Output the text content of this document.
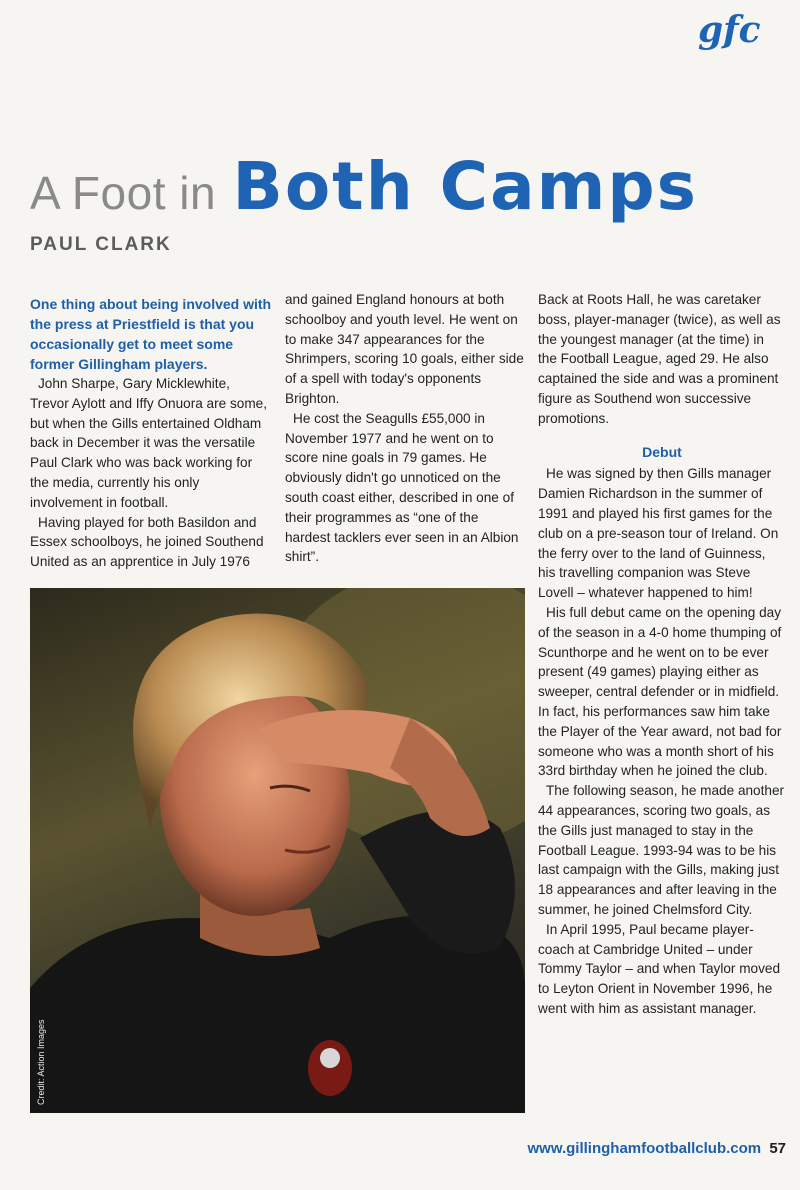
gfc
A Foot in Both Camps
PAUL CLARK

One thing about being involved with the press at Priestfield is that you occasionally get to meet some former Gillingham players.

John Sharpe, Gary Micklewhite, Trevor Aylott and Iffy Onuora are some, but when the Gills entertained Oldham back in December it was the versatile Paul Clark who was back working for the media, currently his only involvement in football.

Having played for both Basildon and Essex schoolboys, he joined Southend United as an apprentice in July 1976

and gained England honours at both schoolboy and youth level. He went on to make 347 appearances for the Shrimpers, scoring 10 goals, either side of a spell with today's opponents Brighton.

He cost the Seagulls £55,000 in November 1977 and he went on to score nine goals in 79 games. He obviously didn't go unnoticed on the south coast either, described in one of their programmes as “one of the hardest tacklers ever seen in an Albion shirt”.

Back at Roots Hall, he was caretaker boss, player-manager (twice), as well as the youngest manager (at the time) in the Football League, aged 29. He also captained the side and was a prominent figure as Southend won successive promotions.

Debut

He was signed by then Gills manager Damien Richardson in the summer of 1991 and played his first games for the club on a pre-season tour of Ireland. On the ferry over to the land of Guinness, his travelling companion was Steve Lovell – whatever happened to him!

His full debut came on the opening day of the season in a 4-0 home thumping of Scunthorpe and he went on to be ever present (49 games) playing either as sweeper, central defender or in midfield. In fact, his performances saw him take the Player of the Year award, not bad for someone who was a month short of his 33rd birthday when he joined the club.

The following season, he made another 44 appearances, scoring two goals, as the Gills just managed to stay in the Football League. 1993-94 was to be his last campaign with the Gills, making just 18 appearances and after leaving in the summer, he joined Chelmsford City.

In April 1995, Paul became player-coach at Cambridge United – under Tommy Taylor – and when Taylor moved to Leyton Orient in November 1996, he went with him as assistant manager.

Credit: Action Images
www.gillinghamfootballclub.com 57
